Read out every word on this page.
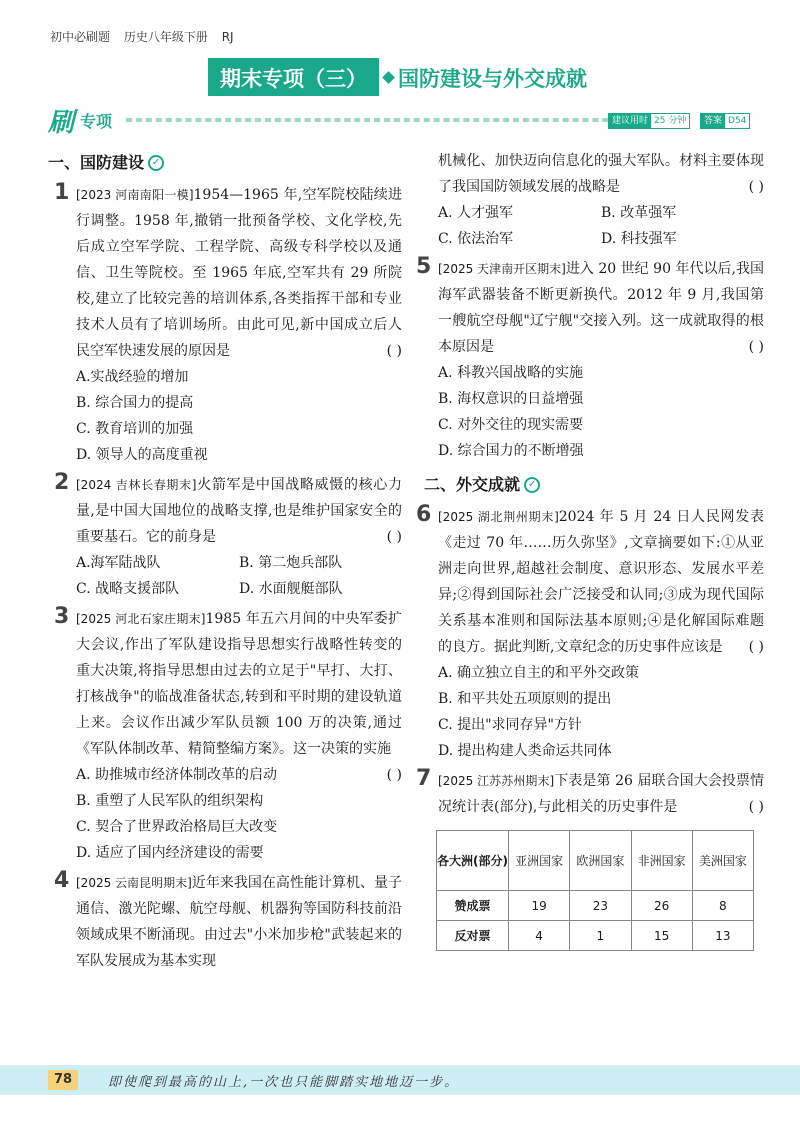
初中必刷题 历史八年级下册 RJ
期末专项（三）	国防建设与外交成就
刷 专项	建议用时 25 分钟	答案 D54
一、国防建设 ✓
1 [2023 河南南阳一模]1954—1965 年,空军院校陆续进行调整。1958 年,撤销一批预备学校、文化学校,先后成立空军学院、工程学院、高级专科学校以及通信、卫生等院校。至 1965 年底,空军共有 29 所院校,建立了比较完善的培训体系,各类指挥干部和专业技术人员有了培训场所。由此可见,新中国成立后人民空军快速发展的原因是	( )
A.实战经验的增加
B. 综合国力的提高
C. 教育培训的加强
D. 领导人的高度重视
2 [2024 吉林长春期末]火箭军是中国战略威慑的核心力量,是中国大国地位的战略支撑,也是维护国家安全的重要基石。它的前身是	( )
A.海军陆战队	B. 第二炮兵部队
C. 战略支援部队	D. 水面舰艇部队
3 [2025 河北石家庄期末]1985 年五六月间的中央军委扩大会议,作出了军队建设指导思想实行战略性转变的重大决策,将指导思想由过去的立足于"早打、大打、打核战争"的临战准备状态,转到和平时期的建设轨道上来。会议作出减少军队员额 100 万的决策,通过《军队体制改革、精简整编方案》。这一决策的实施
( )
A. 助推城市经济体制改革的启动
B. 重塑了人民军队的组织架构
C. 契合了世界政治格局巨大改变
D. 适应了国内经济建设的需要
4 [2025 云南昆明期末]近年来我国在高性能计算机、量子通信、激光陀螺、航空母舰、机器狗等国防科技前沿领域成果不断涌现。由过去"小米加步枪"武装起来的军队发展成为基本实现
机械化、加快迈向信息化的强大军队。材料主要体现了我国国防领域发展的战略是	( )
A. 人才强军	B. 改革强军
C. 依法治军	D. 科技强军
5 [2025 天津南开区期末]进入 20 世纪 90 年代以后,我国海军武器装备不断更新换代。2012 年 9 月,我国第一艘航空母舰"辽宁舰"交接入列。这一成就取得的根本原因是	( )
A. 科教兴国战略的实施
B. 海权意识的日益增强
C. 对外交往的现实需要
D. 综合国力的不断增强
二、外交成就 ✓
6 [2025 湖北荆州期末]2024 年 5 月 24 日人民网发表《走过 70 年……历久弥坚》,文章摘要如下:①从亚洲走向世界,超越社会制度、意识形态、发展水平差异;②得到国际社会广泛接受和认同;③成为现代国际关系基本准则和国际法基本原则;④是化解国际难题的良方。据此判断,文章纪念的历史事件应该是 ( )
A. 确立独立自主的和平外交政策
B. 和平共处五项原则的提出
C. 提出"求同存异"方针
D. 提出构建人类命运共同体
7 [2025 江苏苏州期末]下表是第 26 届联合国大会投票情况统计表(部分),与此相关的历史事件是	( )
各大洲(部分)	亚洲国家	欧洲国家	非洲国家	美洲国家
赞成票	19	23	26	8
反对票	4	1	15	13
78	即使爬到最高的山上,一次也只能脚踏实地地迈一步。
